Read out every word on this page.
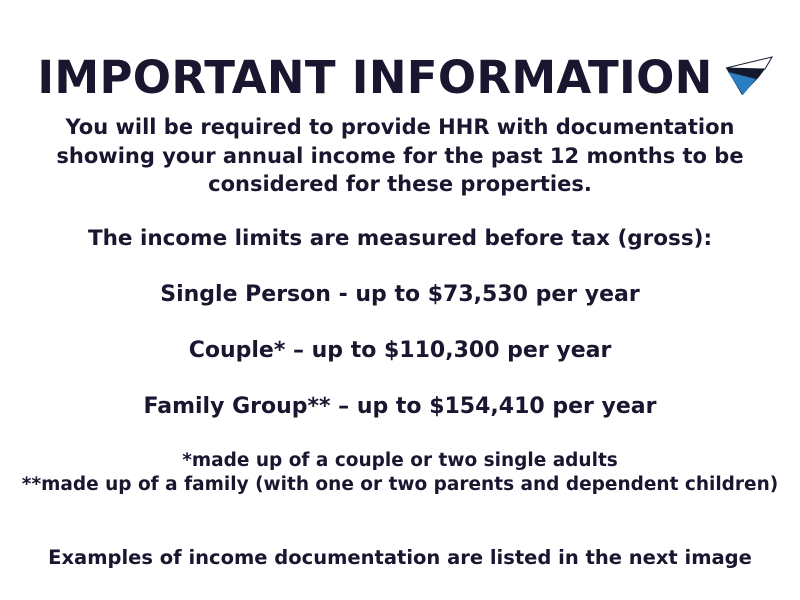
IMPORTANT INFORMATION

You will be required to provide HHR with documentation showing your annual income for the past 12 months to be considered for these properties.

The income limits are measured before tax (gross):

Single Person - up to $73,530 per year

Couple* – up to $110,300 per year

Family Group** – up to $154,410 per year

*made up of a couple or two single adults
**made up of a family (with one or two parents and dependent children)

Examples of income documentation are listed in the next image
